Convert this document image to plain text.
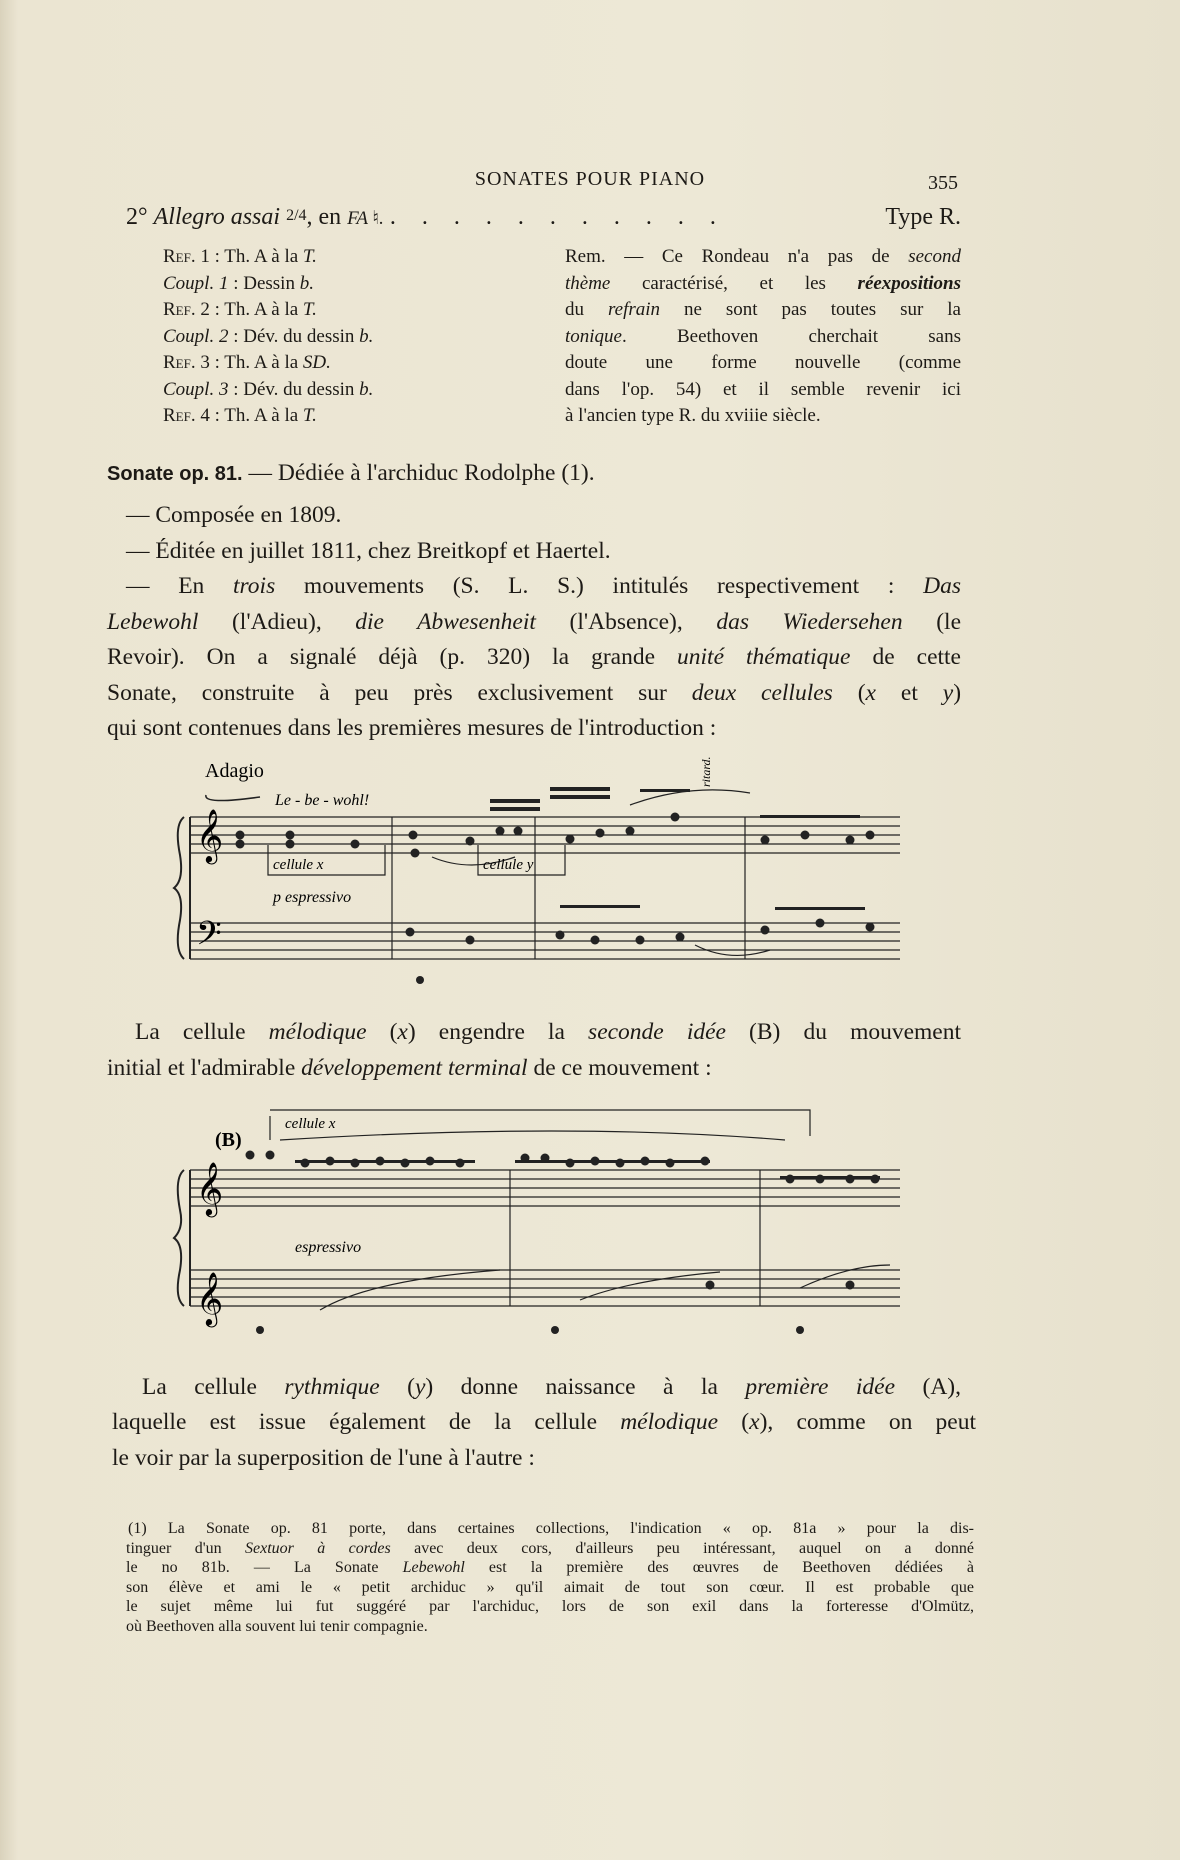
SONATES POUR PIANO	355
2° Allegro assai 2/4, en FA ♮. . . . . . . . . . . .	Type R.
Ref. 1 : Th. A à la T.
Coupl. 1 : Dessin b.
Ref. 2 : Th. A à la T.
Coupl. 2 : Dév. du dessin b.
Ref. 3 : Th. A à la SD.
Coupl. 3 : Dév. du dessin b.
Ref. 4 : Th. A à la T.
Rem. — Ce Rondeau n'a pas de second
thème caractérisé, et les réexpositions
du refrain ne sont pas toutes sur la
tonique. Beethoven cherchait sans
doute une forme nouvelle (comme
dans l'op. 54) et il semble revenir ici
à l'ancien type R. du xviiie siècle.
Sonate op. 81. — Dédiée à l'archiduc Rodolphe (1).
— Composée en 1809.
— Éditée en juillet 1811, chez Breitkopf et Haertel.
— En trois mouvements (S. L. S.) intitulés respectivement : Das
Lebewohl (l'Adieu), die Abwesenheit (l'Absence), das Wiedersehen (le
Revoir). On a signalé déjà (p. 320) la grande unité thématique de cette
Sonate, construite à peu près exclusivement sur deux cellules (x et y)
qui sont contenues dans les premières mesures de l'introduction :
Adagio
Le - be - wohl!
cellule x	cellule y
p espressivo
ritard.
𝄞
𝄢
La cellule mélodique (x) engendre la seconde idée (B) du mouvement
initial et l'admirable développement terminal de ce mouvement :
(B)
cellule x
espressivo
𝄞
𝄞
La cellule rythmique (y) donne naissance à la première idée (A),
laquelle est issue également de la cellule mélodique (x), comme on peut
le voir par la superposition de l'une à l'autre :
(1) La Sonate op. 81 porte, dans certaines collections, l'indication « op. 81a » pour la dis-
tinguer d'un Sextuor à cordes avec deux cors, d'ailleurs peu intéressant, auquel on a donné
le no 81b. — La Sonate Lebewohl est la première des œuvres de Beethoven dédiées à
son élève et ami le « petit archiduc » qu'il aimait de tout son cœur. Il est probable que
le sujet même lui fut suggéré par l'archiduc, lors de son exil dans la forteresse d'Olmütz,
où Beethoven alla souvent lui tenir compagnie.
